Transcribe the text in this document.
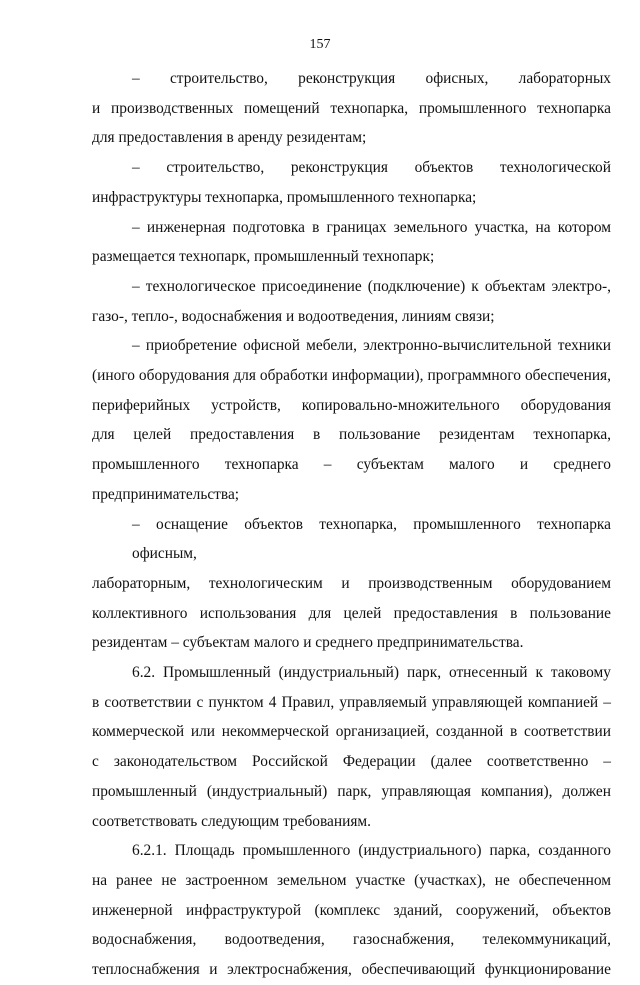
157

– строительство, реконструкция офисных, лабораторных
и производственных помещений технопарка, промышленного технопарка
для предоставления в аренду резидентам;

– строительство, реконструкция объектов технологической
инфраструктуры технопарка, промышленного технопарка;

– инженерная подготовка в границах земельного участка, на котором
размещается технопарк, промышленный технопарк;

– технологическое присоединение (подключение) к объектам электро-,
газо-, тепло-, водоснабжения и водоотведения, линиям связи;

– приобретение офисной мебели, электронно-вычислительной техники
(иного оборудования для обработки информации), программного обеспечения,
периферийных устройств, копировально-множительного оборудования
для целей предоставления в пользование резидентам технопарка,
промышленного технопарка – субъектам малого и среднего
предпринимательства;

– оснащение объектов технопарка, промышленного технопарка офисным,
лабораторным, технологическим и производственным оборудованием
коллективного использования для целей предоставления в пользование
резидентам – субъектам малого и среднего предпринимательства.

6.2. Промышленный (индустриальный) парк, отнесенный к таковому
в соответствии с пунктом 4 Правил, управляемый управляющей компанией –
коммерческой или некоммерческой организацией, созданной в соответствии
с законодательством Российской Федерации (далее соответственно –
промышленный (индустриальный) парк, управляющая компания), должен
соответствовать следующим требованиям.

6.2.1. Площадь промышленного (индустриального) парка, созданного
на ранее не застроенном земельном участке (участках), не обеспеченном
инженерной инфраструктурой (комплекс зданий, сооружений, объектов
водоснабжения, водоотведения, газоснабжения, телекоммуникаций,
теплоснабжения и электроснабжения, обеспечивающий функционирование
